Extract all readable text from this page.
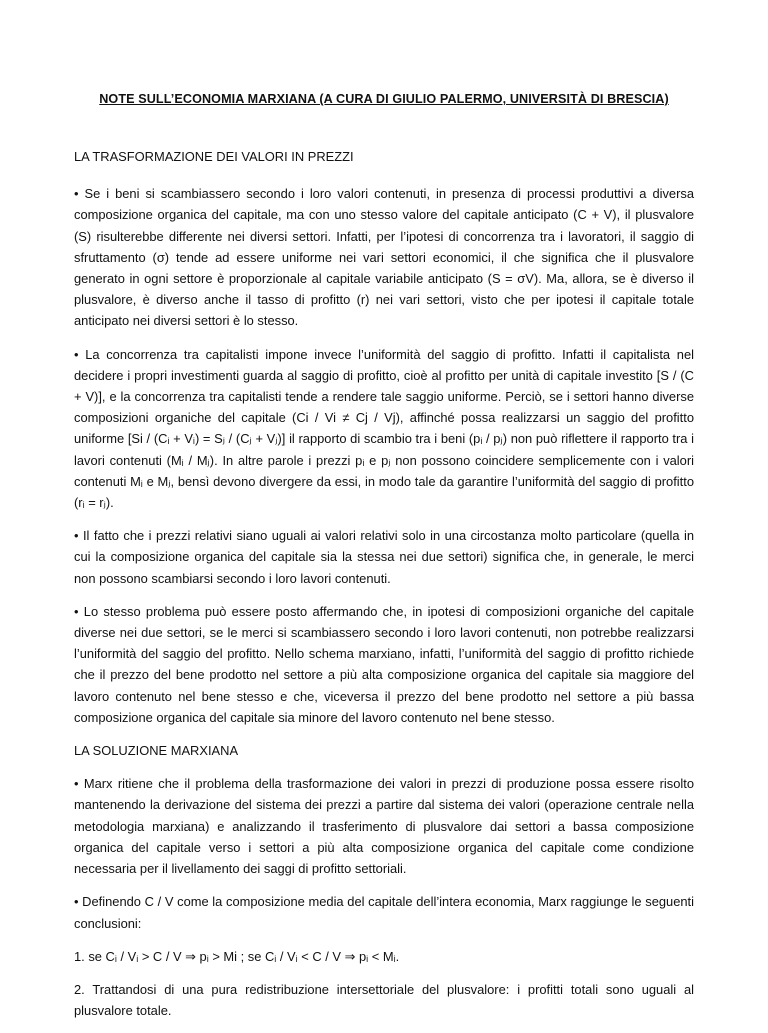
NOTE SULL’ECONOMIA MARXIANA (A CURA DI GIULIO PALERMO, UNIVERSITÀ DI BRESCIA)
LA TRASFORMAZIONE DEI VALORI IN PREZZI

• Se i beni si scambiassero secondo i loro valori contenuti, in presenza di processi produttivi a diversa composizione organica del capitale, ma con uno stesso valore del capitale anticipato (C + V), il plusvalore (S) risulterebbe differente nei diversi settori. Infatti, per l’ipotesi di concorrenza tra i lavoratori, il saggio di sfruttamento (σ) tende ad essere uniforme nei vari settori economici, il che significa che il plusvalore generato in ogni settore è proporzionale al capitale variabile anticipato (S = σV). Ma, allora, se è diverso il plusvalore, è diverso anche il tasso di profitto (r) nei vari settori, visto che per ipotesi il capitale totale anticipato nei diversi settori è lo stesso.

• La concorrenza tra capitalisti impone invece l’uniformità del saggio di profitto. Infatti il capitalista nel decidere i propri investimenti guarda al saggio di profitto, cioè al profitto per unità di capitale investito [S / (C + V)], e la concorrenza tra capitalisti tende a rendere tale saggio uniforme. Perciò, se i settori hanno diverse composizioni organiche del capitale (Ci / Vi ≠ Cj / Vj), affinché possa realizzarsi un saggio del profitto uniforme [Si / (Cᵢ + Vᵢ) = Sⱼ / (Cⱼ + Vⱼ)] il rapporto di scambio tra i beni (pᵢ / pⱼ) non può riflettere il rapporto tra i lavori contenuti (Mᵢ / Mⱼ). In altre parole i prezzi pᵢ e pⱼ non possono coincidere semplicemente con i valori contenuti Mᵢ e Mⱼ, bensì devono divergere da essi, in modo tale da garantire l’uniformità del saggio di profitto (rᵢ = rⱼ).

• Il fatto che i prezzi relativi siano uguali ai valori relativi solo in una circostanza molto particolare (quella in cui la composizione organica del capitale sia la stessa nei due settori) significa che, in generale, le merci non possono scambiarsi secondo i loro lavori contenuti.

• Lo stesso problema può essere posto affermando che, in ipotesi di composizioni organiche del capitale diverse nei due settori, se le merci si scambiassero secondo i loro lavori contenuti, non potrebbe realizzarsi l’uniformità del saggio del profitto. Nello schema marxiano, infatti, l’uniformità del saggio di profitto richiede che il prezzo del bene prodotto nel settore a più alta composizione organica del capitale sia maggiore del lavoro contenuto nel bene stesso e che, viceversa il prezzo del bene prodotto nel settore a più bassa composizione organica del capitale sia minore del lavoro contenuto nel bene stesso.

LA SOLUZIONE MARXIANA

• Marx ritiene che il problema della trasformazione dei valori in prezzi di produzione possa essere risolto mantenendo la derivazione del sistema dei prezzi a partire dal sistema dei valori (operazione centrale nella metodologia marxiana) e analizzando il trasferimento di plusvalore dai settori a bassa composizione organica del capitale verso i settori a più alta composizione organica del capitale come condizione necessaria per il livellamento dei saggi di profitto settoriali.

• Definendo C / V come la composizione media del capitale dell’intera economia, Marx raggiunge le seguenti conclusioni:

1. se Cᵢ / Vᵢ > C / V ⇒ pᵢ > Mi ; se Cᵢ / Vᵢ < C / V ⇒ pᵢ < Mᵢ.

2. Trattandosi di una pura redistribuzione intersettoriale del plusvalore: i profitti totali sono uguali al plusvalore totale.
